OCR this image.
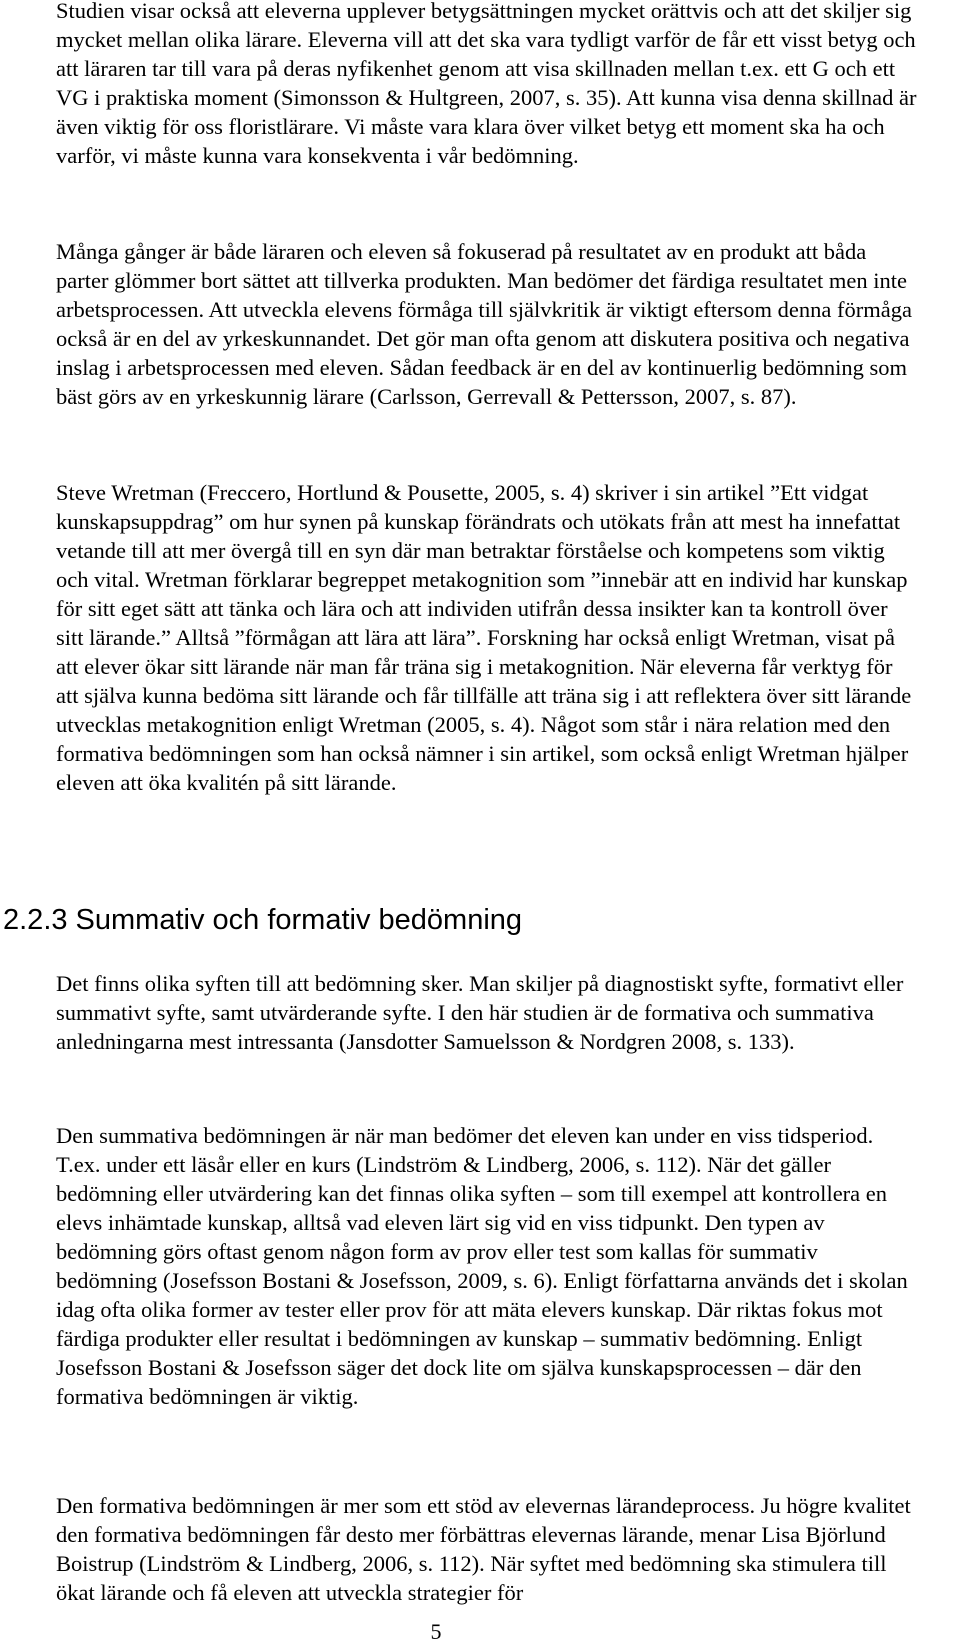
Studien visar också att eleverna upplever betygsättningen mycket orättvis och att det skiljer sig mycket mellan olika lärare. Eleverna vill att det ska vara tydligt varför de får ett visst betyg och att läraren tar till vara på deras nyfikenhet genom att visa skillnaden mellan t.ex. ett G och ett VG i praktiska moment (Simonsson & Hultgreen, 2007, s. 35). Att kunna visa denna skillnad är även viktig för oss floristlärare. Vi måste vara klara över vilket betyg ett moment ska ha och varför, vi måste kunna vara konsekventa i vår bedömning.

Många gånger är både läraren och eleven så fokuserad på resultatet av en produkt att båda parter glömmer bort sättet att tillverka produkten. Man bedömer det färdiga resultatet men inte arbetsprocessen. Att utveckla elevens förmåga till självkritik är viktigt eftersom denna förmåga också är en del av yrkeskunnandet. Det gör man ofta genom att diskutera positiva och negativa inslag i arbetsprocessen med eleven. Sådan feedback är en del av kontinuerlig bedömning som bäst görs av en yrkeskunnig lärare (Carlsson, Gerrevall & Pettersson, 2007, s. 87).

Steve Wretman (Freccero, Hortlund & Pousette, 2005, s. 4) skriver i sin artikel ”Ett vidgat kunskapsuppdrag” om hur synen på kunskap förändrats och utökats från att mest ha innefattat vetande till att mer övergå till en syn där man betraktar förståelse och kompetens som viktig och vital. Wretman förklarar begreppet metakognition som ”innebär att en individ har kunskap för sitt eget sätt att tänka och lära och att individen utifrån dessa insikter kan ta kontroll över sitt lärande.” Alltså ”förmågan att lära att lära”. Forskning har också enligt Wretman, visat på att elever ökar sitt lärande när man får träna sig i metakognition. När eleverna får verktyg för att själva kunna bedöma sitt lärande och får tillfälle att träna sig i att reflektera över sitt lärande utvecklas metakognition enligt Wretman (2005, s. 4). Något som står i nära relation med den formativa bedömningen som han också nämner i sin artikel, som också enligt Wretman hjälper eleven att öka kvalitén på sitt lärande.

2.2.3 Summativ och formativ bedömning

Det finns olika syften till att bedömning sker. Man skiljer på diagnostiskt syfte, formativt eller summativt syfte, samt utvärderande syfte. I den här studien är de formativa och summativa anledningarna mest intressanta (Jansdotter Samuelsson & Nordgren 2008, s. 133).

Den summativa bedömningen är när man bedömer det eleven kan under en viss tidsperiod. T.ex. under ett läsår eller en kurs (Lindström & Lindberg, 2006, s. 112). När det gäller bedömning eller utvärdering kan det finnas olika syften – som till exempel att kontrollera en elevs inhämtade kunskap, alltså vad eleven lärt sig vid en viss tidpunkt. Den typen av bedömning görs oftast genom någon form av prov eller test som kallas för summativ bedömning (Josefsson Bostani & Josefsson, 2009, s. 6). Enligt författarna används det i skolan idag ofta olika former av tester eller prov för att mäta elevers kunskap. Där riktas fokus mot färdiga produkter eller resultat i bedömningen av kunskap – summativ bedömning. Enligt Josefsson Bostani & Josefsson säger det dock lite om själva kunskapsprocessen – där den formativa bedömningen är viktig.

Den formativa bedömningen är mer som ett stöd av elevernas lärandeprocess. Ju högre kvalitet den formativa bedömningen får desto mer förbättras elevernas lärande, menar Lisa Björlund Boistrup (Lindström & Lindberg, 2006, s. 112). När syftet med bedömning ska stimulera till ökat lärande och få eleven att utveckla strategier för

5
